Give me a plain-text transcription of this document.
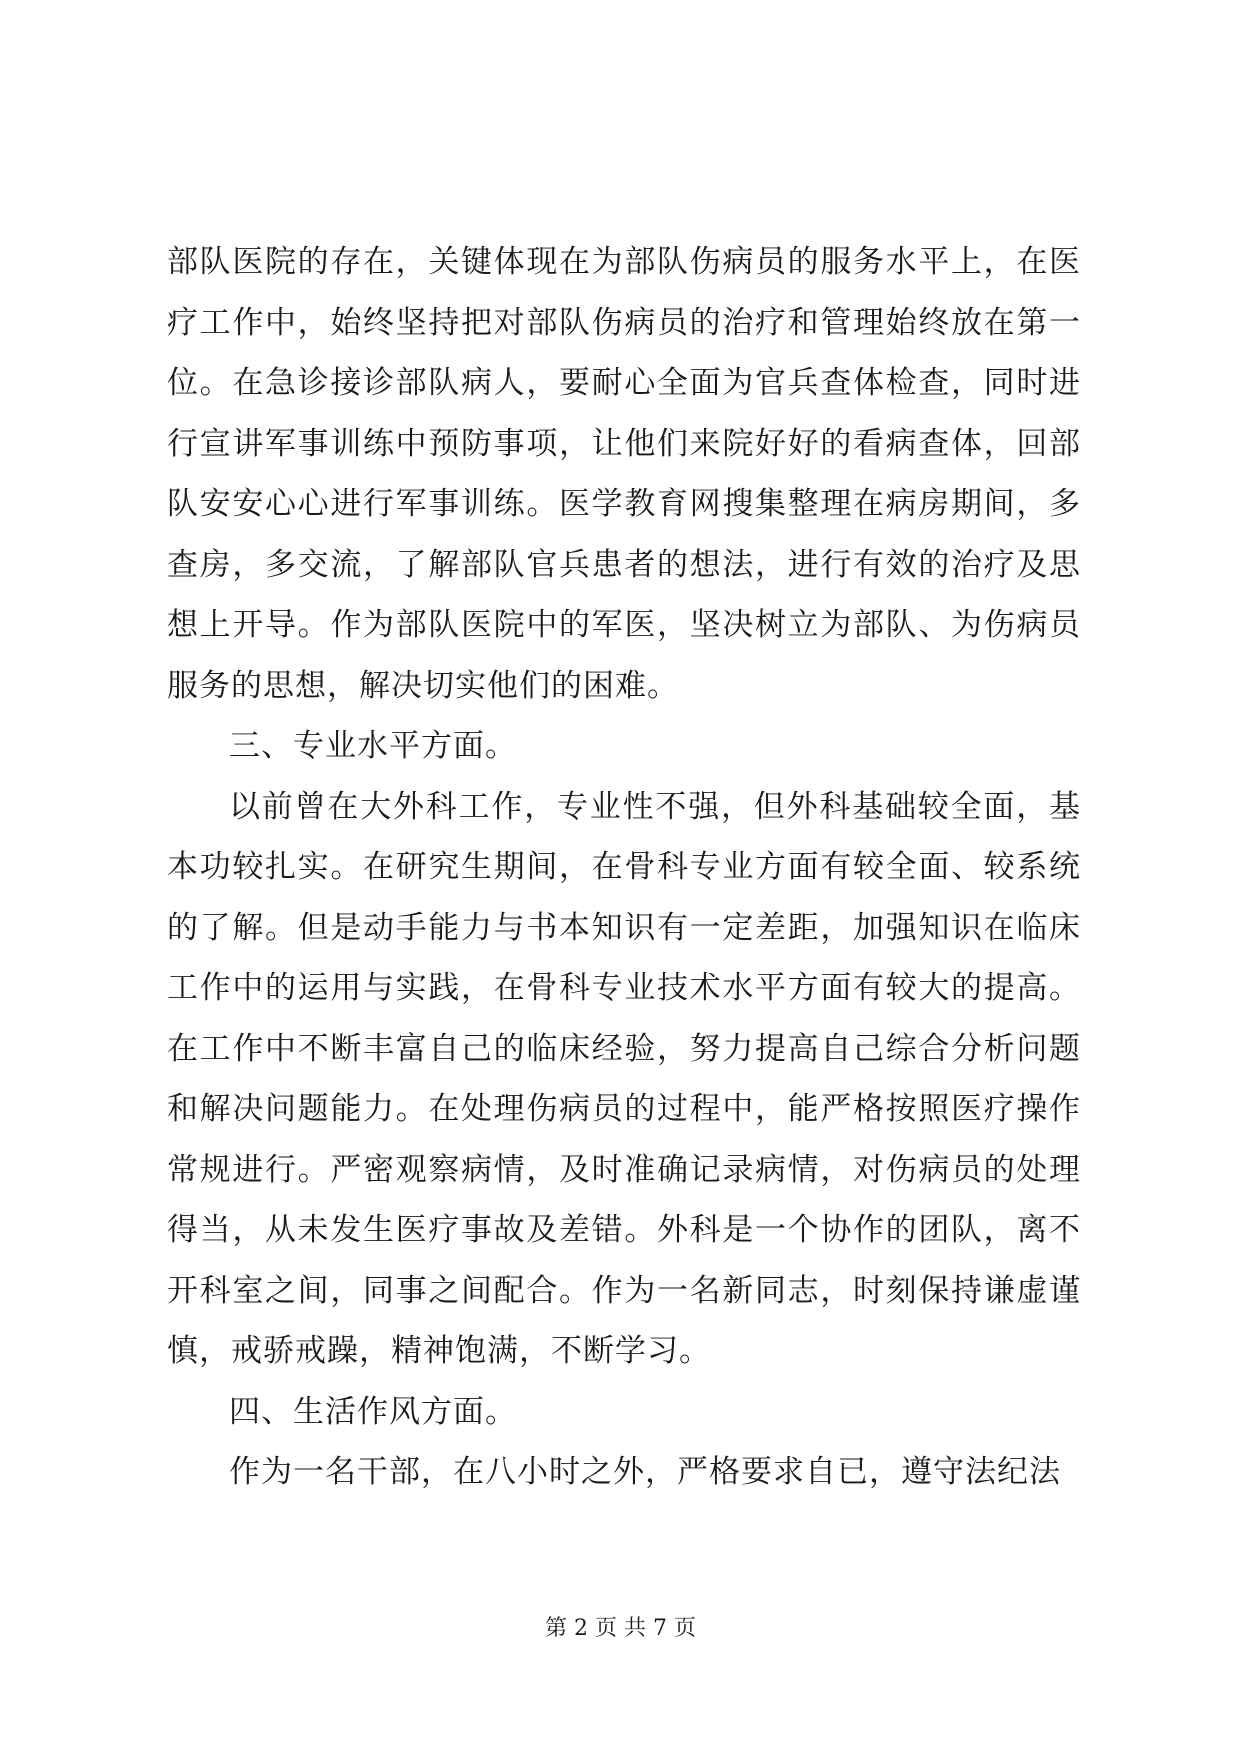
部队医院的存在，关键体现在为部队伤病员的服务水平上，在医疗工作中，始终坚持把对部队伤病员的治疗和管理始终放在第一位。在急诊接诊部队病人，要耐心全面为官兵查体检查，同时进行宣讲军事训练中预防事项，让他们来院好好的看病查体，回部队安安心心进行军事训练。医学教育网搜集整理在病房期间，多查房，多交流，了解部队官兵患者的想法，进行有效的治疗及思想上开导。作为部队医院中的军医，坚决树立为部队、为伤病员服务的思想，解决切实他们的困难。

三、专业水平方面。

以前曾在大外科工作，专业性不强，但外科基础较全面，基本功较扎实。在研究生期间，在骨科专业方面有较全面、较系统的了解。但是动手能力与书本知识有一定差距，加强知识在临床工作中的运用与实践，在骨科专业技术水平方面有较大的提高。在工作中不断丰富自己的临床经验，努力提高自己综合分析问题和解决问题能力。在处理伤病员的过程中，能严格按照医疗操作常规进行。严密观察病情，及时准确记录病情，对伤病员的处理得当，从未发生医疗事故及差错。外科是一个协作的团队，离不开科室之间，同事之间配合。作为一名新同志，时刻保持谦虚谨慎，戒骄戒躁，精神饱满，不断学习。

四、生活作风方面。

作为一名干部，在八小时之外，严格要求自已，遵守法纪法

第 2 页 共 7 页
